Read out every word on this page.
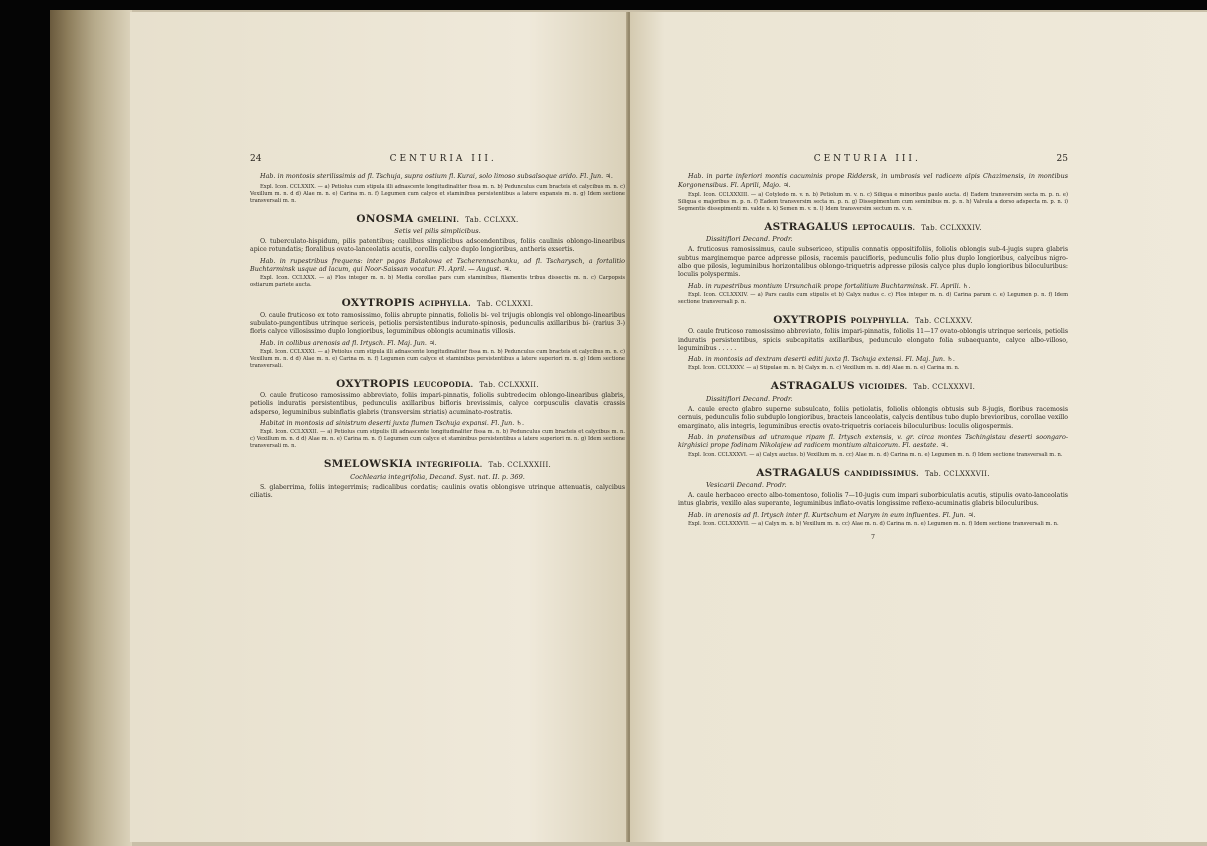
24	CENTURIA III.

Hab. in montosis sterilissimis ad fl. Tschuja, supra ostium fl. Kurai, solo limoso subsalsoque arido. Fl. Jun. ♃.

Expl. Icon. CCLXXIX. — a) Petiolus cum stipula illi adnascente longitudinaliter fissa m. n. b) Pedunculus cum bracteis et calycibus m. n. c) Vexillum m. n. d d) Alae m. n. e) Carina m. n. f) Legumen cum calyce et staminibus persistentibus a latere expansis m. n. g) Idem sectione transversali m. n.

ONOSMA GMELINI. Tab. CCLXXX.
Setis vel pilis simplicibus.

O. tuberculato-hispidum, pilis patentibus; caulibus simplicibus adscendentibus, foliis caulinis oblongo-linearibus apice rotundatis; floralibus ovato-lanceolatis acutis, corollis calyce duplo longioribus, antheris exsertis.

Hab. in rupestribus frequens: inter pagos Batakowa et Tscherennschanku, ad fl. Tscharysch, a fortalitio Buchtarminsk usque ad lacum, qui Noor-Saissan vocatur. Fl. April. — August. ♃.

Expl. Icon. CCLXXX. — a) Flos integer m. n. b) Media corollae pars cum staminibus, filamentis tribus dissectis m. n. c) Carpopsis ostiarum pariete aucta.

OXYTROPIS ACIPHYLLA. Tab. CCLXXXI.

O. caule fruticoso ex toto ramosissimo, foliis abrupte pinnatis, foliolis bi- vel trijugis oblongis vel oblongo-linearibus subulato-pungentibus utrinque sericeis, petiolis persistentibus indurato-spinosis, pedunculis axillaribus bi- (rarius 3-) floris calyce villosissimo duplo longioribus, leguminibus oblongis acuminatis villosis.

Hab. in collibus arenosis ad fl. Irtysch. Fl. Maj. Jun. ♃.

Expl. Icon. CCLXXXI. — a) Petiolus cum stipula illi adnascente longitudinaliter fissa m. n. b) Pedunculus cum bracteis et calycibus m. n. c) Vexillum m. n. d d) Alae m. n. e) Carina m. n. f) Legumen cum calyce et staminibus persistentibus a latere superiori m. n. g) Idem sectione transversali.

OXYTROPIS LEUCOPODIA. Tab. CCLXXXII.

O. caule fruticoso ramosissimo abbreviato, foliis impari-pinnatis, foliolis subtredecim oblongo-linearibus glabris, petiolis induratis persistentibus, pedunculis axillaribus bifloris brevissimis, calyce corpusculis clavatis crassis adsperso, leguminibus subinflatis glabris (transversim striatis) acuminato-rostratis.

Habitat in montosis ad sinistrum deserti juxta flumen Tschuja expansi. Fl. Jun. ♄.

Expl. Icon. CCLXXXII. — a) Petiolus cum stipulis illi adnascente longitudinaliter fissa m. n. b) Pedunculus cum bracteis et calycibus m. n. c) Vexillum m. n. d d) Alae m. n. e) Carina m. n. f) Legumen cum calyce et staminibus persistentibus a latere superiori m. n. g) Idem sectione transversali m. n.

SMELOWSKIA INTEGRIFOLIA. Tab. CCLXXXIII.
Cochlearia integrifolia, Decand. Syst. nat. II. p. 369.

S. glaberrima, foliis integerrimis; radicalibus cordatis; caulinis ovatis oblongisve utrinque attenuatis, calycibus ciliatis.

CENTURIA III.	25

Hab. in parte inferiori montis cacuminis prope Riddersk, in umbrosis vel radicem alpis Chazimensis, in montibus Korgonensibus. Fl. Aprili, Majo. ♃.

Expl. Icon. CCLXXXIII. — a) Cotyledo m. v. n. b) Petiolum m. v. n. c) Siliqua e minoribus paulo aucta. d) Eadem transversim secta m. p. n. e) Siliqua e majoribus m. p. n. f) Eadem transversim secta m. p. n. g) Dissepimentum cum seminibus m. p. n. h) Valvula a dorso adspecta m. p. n. i) Segmentis dissepimenti m. valde n. k) Semen m. v. n. l) Idem transversim sectum m. v. n.

ASTRAGALUS LEPTOCAULIS. Tab. CCLXXXIV.
Dissitiflori Decand. Prodr.

A. fruticosus ramosissimus, caule subsericeo, stipulis connatis oppositifoliis, foliolis oblongis sub-4-jugis supra glabris subtus marginemque parce adpresse pilosis, racemis paucifloris, pedunculis folio plus duplo longioribus, calycibus nigro-albo que pilosis, leguminibus horizontalibus oblongo-triquetris adpresse pilosis calyce plus duplo longioribus biloculuribus: loculis polyspermis.

Hab. in rupestribus montium Ursunchaik prope fortalitium Buchtarminsk. Fl. Aprili. ♄.

Expl. Icon. CCLXXXIV. — a) Pars caulis cum stipulis et b) Calyx nudus c. c) Flos integer m. n. d) Carina parum c. e) Legumen p. n. f) Idem sectione transversali p. n.

OXYTROPIS POLYPHYLLA. Tab. CCLXXXV.

O. caule fruticoso ramosissimo abbreviato, foliis impari-pinnatis, foliolis 11—17 ovato-oblongis utrinque sericeis, petiolis induratis persistentibus, spicis subcapitatis axillaribus, pedunculo elongato folia subaequante, calyce albo-villoso, leguminibus . . . . .

Hab. in montosis ad dextram deserti editi juxta fl. Tschuja extensi. Fl. Maj. Jun. ♄.

Expl. Icon. CCLXXXV. — a) Stipulae m. n. b) Calyx m. n. c) Vexillum m. n. dd) Alae m. n. e) Carina m. n.

ASTRAGALUS VICIOIDES. Tab. CCLXXXVI.
Dissitiflori Decand. Prodr.

A. caule erecto glabro superne subsulcato, foliis petiolatis, foliolis oblongis obtusis sub 8-jugis, floribus racemosis cernuis, pedunculis folio subduplo longioribus, bracteis lanceolatis, calycis dentibus tubo duplo brevioribus, corollae vexillo emarginato, alis integris, leguminibus erectis ovato-triquetris coriaceis biloculuribus: loculis oligospermis.

Hab. in pratensibus ad utramque ripam fl. Irtysch extensis, v. gr. circa montes Tschingistau deserti soongaro-kirghisici prope fodinam Nikolajew ad radicem montium altaicorum. Fl. aestate. ♃.

Expl. Icon. CCLXXXVI. — a) Calyx auctus. b) Vexillum m. n. cc) Alae m. n. d) Carina m. n. e) Legumen m. n. f) Idem sectione transversali m. n.

ASTRAGALUS CANDIDISSIMUS. Tab. CCLXXXVII.
Vesicarii Decand. Prodr.

A. caule herbaceo erecto albo-tomentoso, foliolis 7—10-jugis cum impari suborbiculatis acutis, stipulis ovato-lanceolatis intus glabris, vexillo alas superante, leguminibus inflato-ovatis longissime reflexo-acuminatis glabris biloculuribus.

Hab. in arenosis ad fl. Irtysch inter fl. Kurtschum et Narym in eum influentes. Fl. Jun. ♃.

Expl. Icon. CCLXXXVII. — a) Calyx m. n. b) Vexillum m. n. cc) Alae m. n. d) Carina m. n. e) Legumen m. n. f) Idem sectione transversali m. n.

7
